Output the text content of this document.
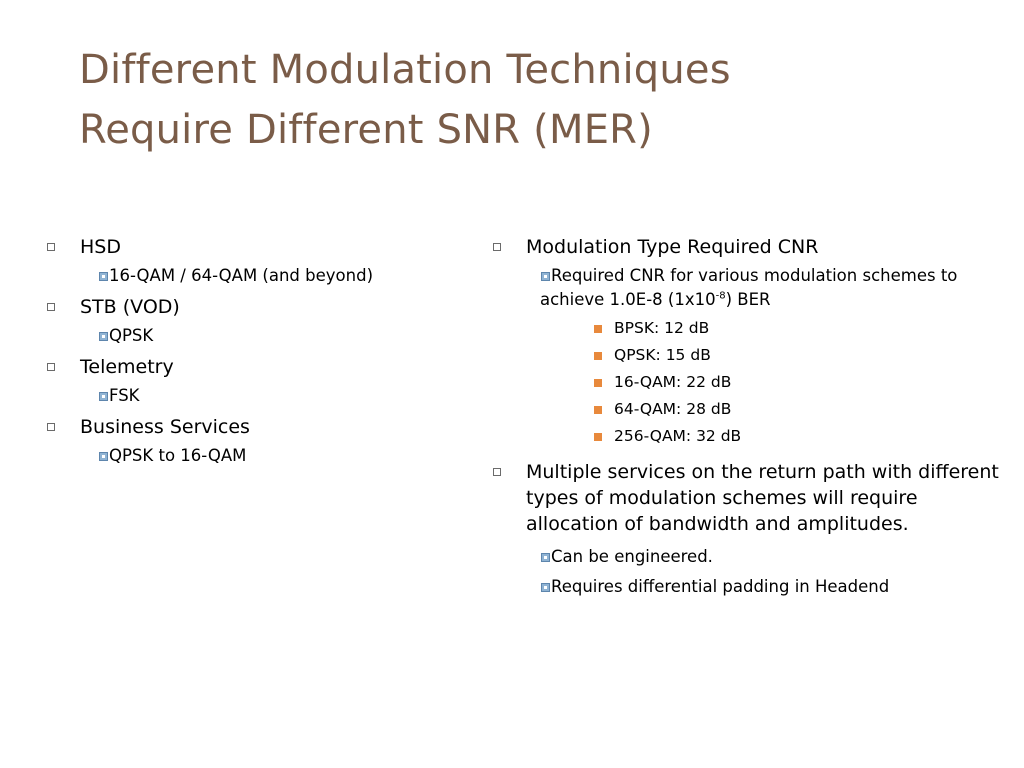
Different Modulation Techniques
Require Different SNR (MER)
HSD
16-QAM / 64-QAM (and beyond)
STB (VOD)
QPSK
Telemetry
FSK
Business Services
QPSK to 16-QAM
Modulation Type Required CNR
Required CNR for various modulation schemes to achieve 1.0E-8 $(1x10^{-8})$ BER
BPSK: 12 dB
QPSK: 15 dB
16-QAM: 22 dB
64-QAM: 28 dB
256-QAM: 32 dB
Multiple services on the return path with different types of modulation schemes will require allocation of bandwidth and amplitudes.
Can be engineered.
Requires differential padding in Headend
